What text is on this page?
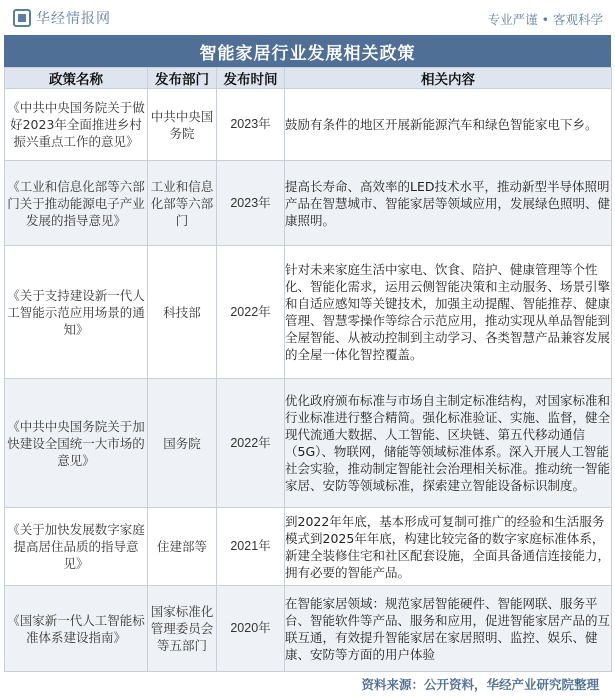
华经情报网	专业严谨 • 客观科学
智能家居行业发展相关政策
政策名称	发布部门	发布时间	相关内容
《中共中央国务院关于做好2023年全面推进乡村振兴重点工作的意见》	中共中央国务院	2023年	鼓励有条件的地区开展新能源汽车和绿色智能家电下乡。
《工业和信息化部等六部门关于推动能源电子产业发展的指导意见》	工业和信息化部等六部门	2023年	提高长寿命、高效率的LED技术水平，推动新型半导体照明产品在智慧城市、智能家居等领域应用，发展绿色照明、健康照明。
《关于支持建设新一代人工智能示范应用场景的通知》	科技部	2022年	针对未来家庭生活中家电、饮食、陪护、健康管理等个性化、智能化需求，运用云侧智能决策和主动服务、场景引擎和自适应感知等关键技术，加强主动提醒、智能推荐、健康管理、智慧零操作等综合示范应用，推动实现从单品智能到全屋智能、从被动控制到主动学习、各类智慧产品兼容发展的全屋一体化智控覆盖。
《中共中央国务院关于加快建设全国统一大市场的意见》	国务院	2022年	优化政府颁布标准与市场自主制定标准结构，对国家标准和行业标准进行整合精简。强化标准验证、实施、监督，健全现代流通大数据、人工智能、区块链、第五代移动通信（5G）、物联网，储能等领域标准体系。深入开展人工智能社会实验，推动制定智能社会治理相关标准。推动统一智能家居、安防等领域标准，探索建立智能设备标识制度。
《关于加快发展数字家庭提高居住品质的指导意见》	住建部等	2021年	到2022年年底，基本形成可复制可推广的经验和生活服务模式到2025年年底，构建比较完备的数字家庭标准体系，新建全装修住宅和社区配套设施，全面具备通信连接能力，拥有必要的智能产品。
《国家新一代人工智能标准体系建设指南》	国家标准化管理委员会等五部门	2020年	在智能家居领域：规范家居智能硬件、智能网联、服务平台、智能软件等产品、服务和应用，促进智能家居产品的互联互通，有效提升智能家居在家居照明、监控、娱乐、健康、安防等方面的用户体验
资料来源：公开资料，华经产业研究院整理
